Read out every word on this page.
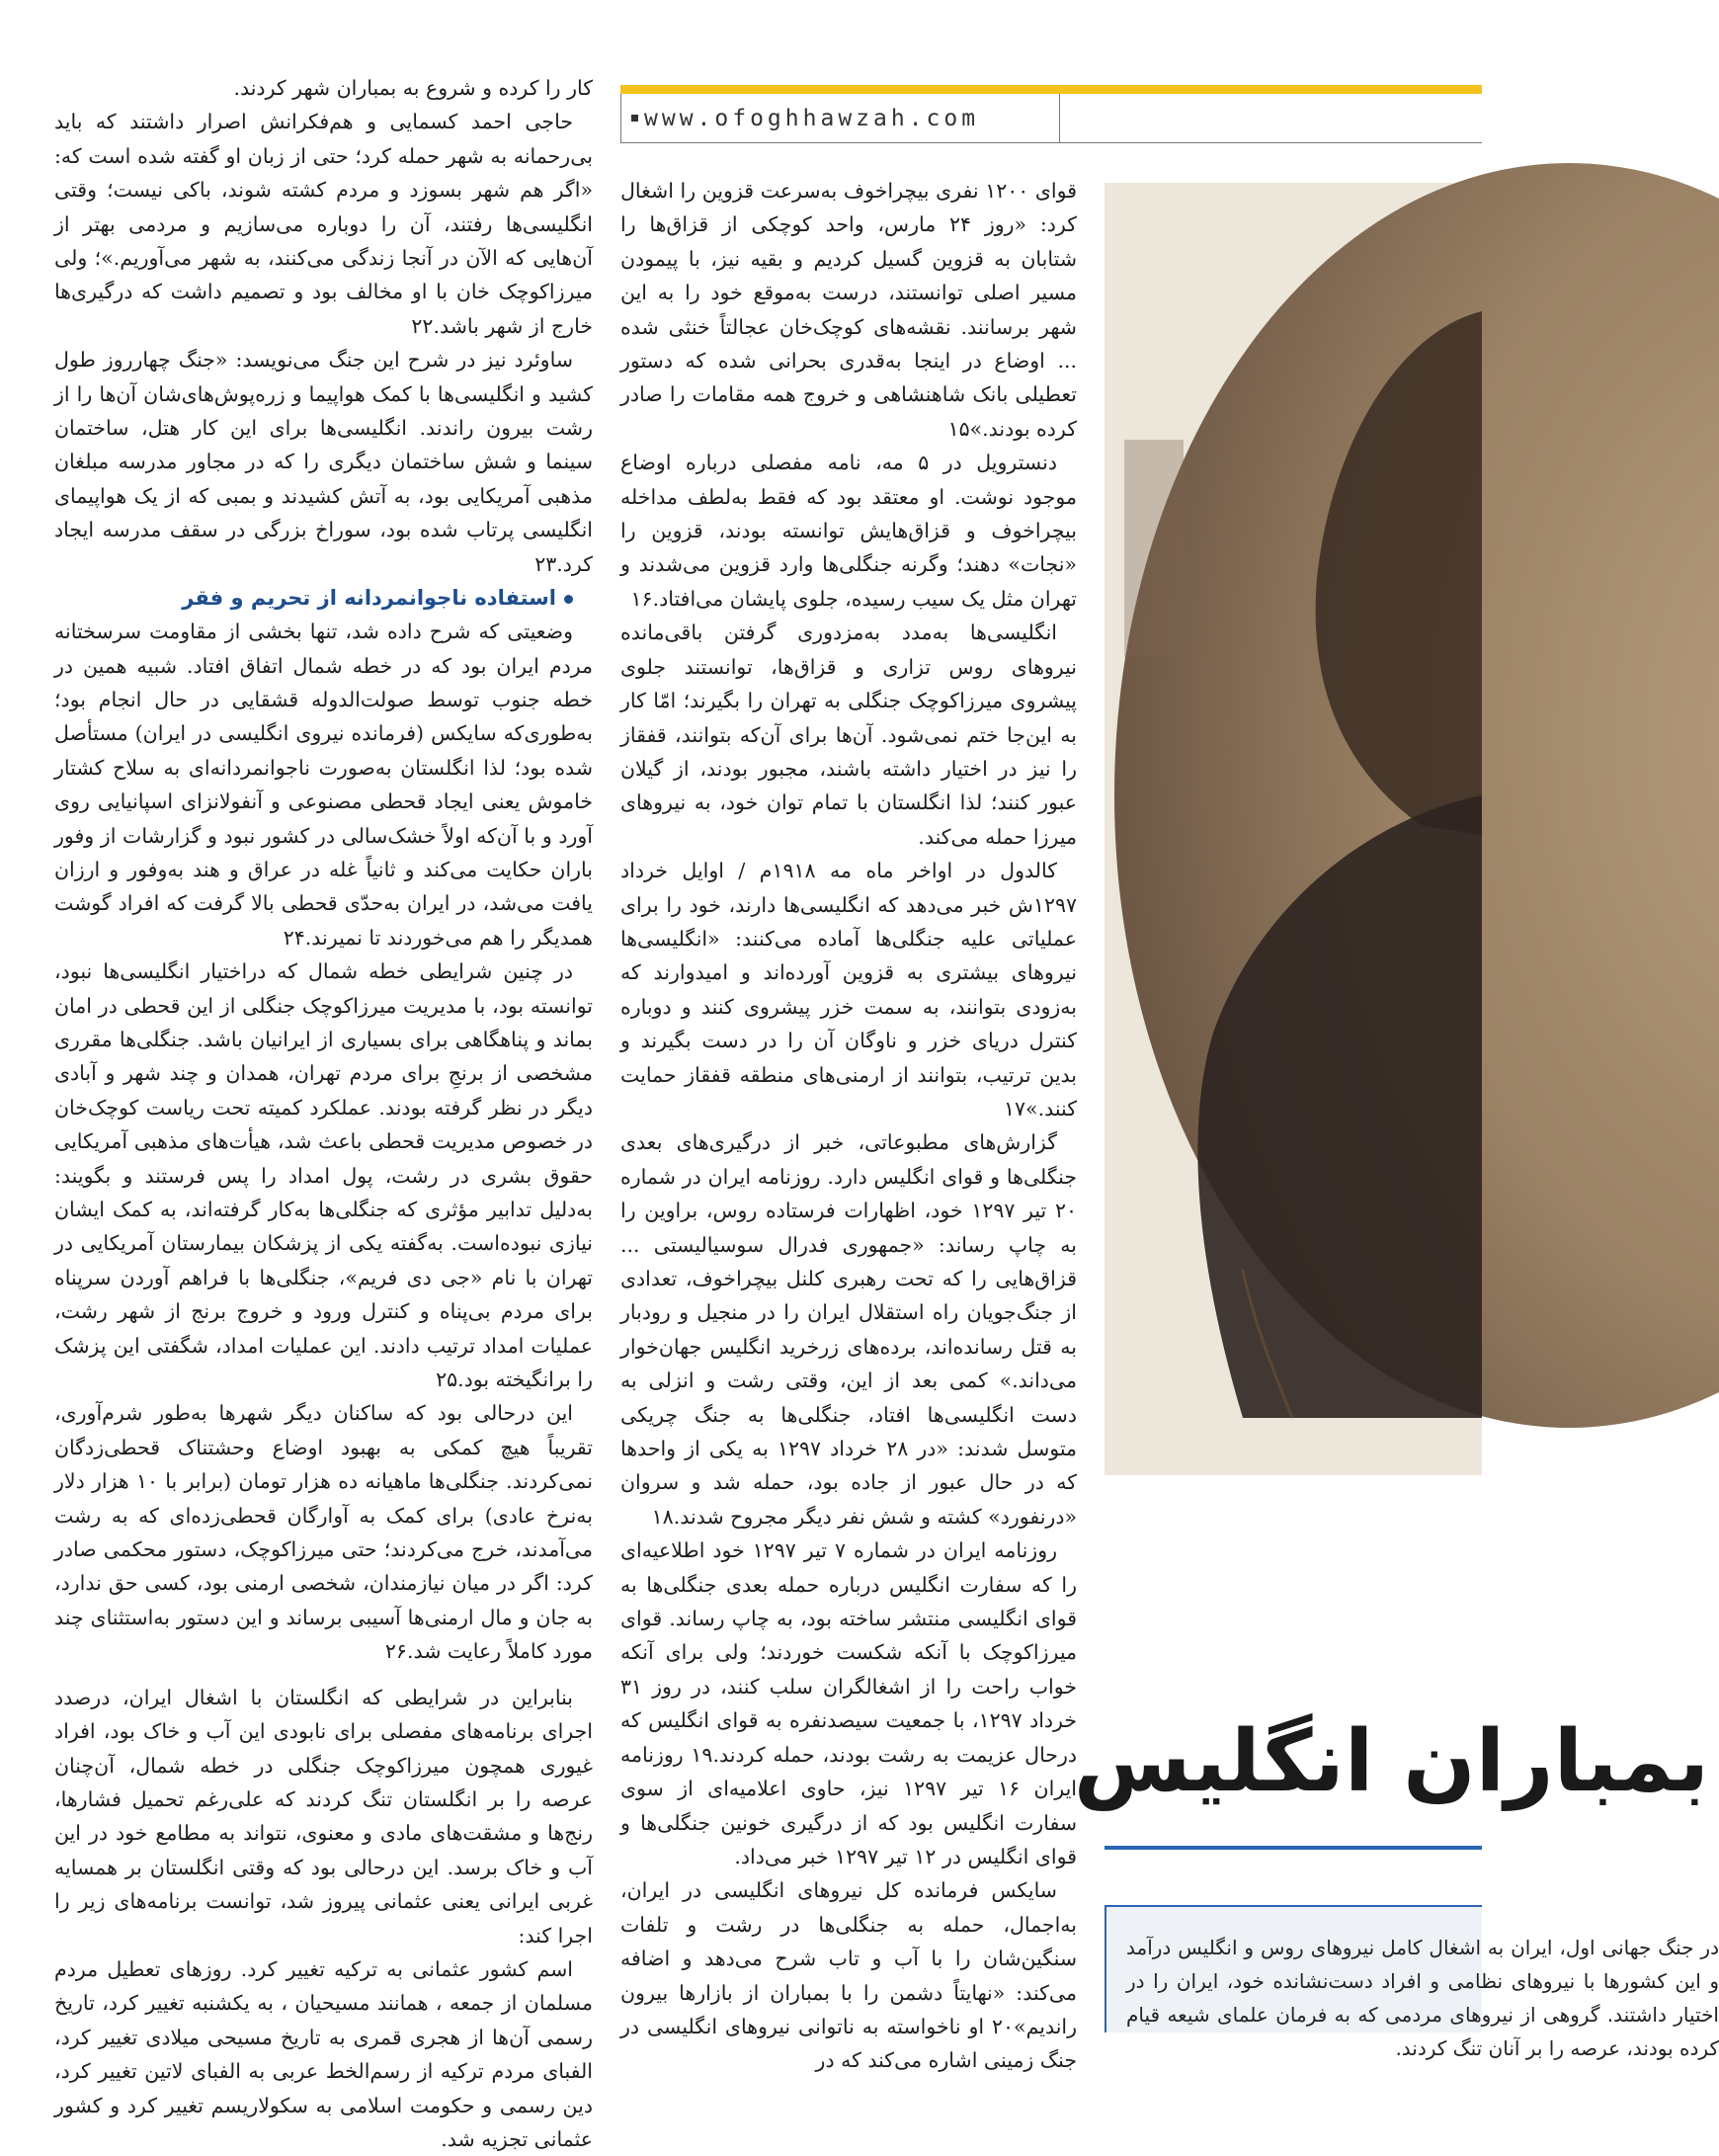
کار را کرده و شروع به بمباران شهر کردند.

حاجی احمد کسمایی و هم‌فکرانش اصرار داشتند که باید بی‌رحمانه به شهر حمله کرد؛ حتی از زبان او گفته شده است که: «اگر هم شهر بسوزد و مردم کشته شوند، باکی نیست؛ وقتی انگلیسی‌ها رفتند، آن را دوباره می‌سازیم و مردمی بهتر از آن‌هایی که الآن در آنجا زندگی می‌کنند، به شهر می‌آوریم.»؛ ولی میرزاکوچک خان با او مخالف بود و تصمیم داشت که درگیری‌ها خارج از شهر باشد.۲۲

ساوئرد نیز در شرح این جنگ می‌نویسد: «جنگ چهارروز طول کشید و انگلیسی‌ها با کمک هواپیما و زره‌پوش‌های‌شان آن‌ها را از رشت بیرون راندند. انگلیسی‌ها برای این کار هتل، ساختمان سینما و شش ساختمان دیگری را که در مجاور مدرسه مبلغان مذهبی آمریکایی بود، به آتش کشیدند و بمبی که از یک هواپیمای انگلیسی پرتاب شده بود، سوراخ بزرگی در سقف مدرسه ایجاد کرد.۲۳

استفاده ناجوانمردانه از تحریم و فقر

وضعیتی که شرح داده شد، تنها بخشی از مقاومت سرسختانه مردم ایران بود که در خطه شمال اتفاق افتاد. شبیه همین در خطه جنوب توسط صولت‌الدوله قشقایی در حال انجام بود؛ به‌طوری‌که سایکس (فرمانده نیروی انگلیسی در ایران) مستأصل شده بود؛ لذا انگلستان به‌صورت ناجوانمردانه‌ای به سلاح کشتار خاموش یعنی ایجاد قحطی مصنوعی و آنفولانزای اسپانیایی روی آورد و با آن‌که اولاً خشک‌سالی در کشور نبود و گزارشات از وفور باران حکایت می‌کند و ثانیاً غله در عراق و هند به‌وفور و ارزان یافت می‌شد، در ایران به‌حدّی قحطی بالا گرفت که افراد گوشت همدیگر را هم می‌خوردند تا نمیرند.۲۴

در چنین شرایطی خطه شمال که دراختیار انگلیسی‌ها نبود، توانسته بود، با مدیریت میرزاکوچک جنگلی از این قحطی در امان بماند و پناهگاهی برای بسیاری از ایرانیان باشد. جنگلی‌ها مقرری مشخصی از برنجِ برای مردم تهران، همدان و چند شهر و آبادی دیگر در نظر گرفته بودند. عملکرد کمیته تحت ریاست کوچک‌خان در خصوص مدیریت قحطی باعث شد، هیأت‌های مذهبی آمریکایی حقوق بشری در رشت، پول امداد را پس فرستند و بگویند: به‌دلیل تدابیر مؤثری که جنگلی‌ها به‌کار گرفته‌اند، به کمک ایشان نیازی نبوده‌است. به‌گفته یکی از پزشکان بیمارستان آمریکایی در تهران با نام «جی دی فریم»، جنگلی‌ها با فراهم آوردن سرپناه برای مردم بی‌پناه و کنترل ورود و خروج برنج از شهر رشت، عملیات امداد ترتیب دادند. این عملیات امداد، شگفتی این پزشک را برانگیخته بود.۲۵

این درحالی بود که ساکنان دیگر شهرها به‌طور شرم‌آوری، تقریباً هیچ کمکی به بهبود اوضاع وحشتناک قحطی‌زدگان نمی‌کردند. جنگلی‌ها ماهیانه ده هزار تومان (برابر با ۱۰ هزار دلار به‌نرخ عادی) برای کمک به آوارگان قحطی‌زده‌ای که به رشت می‌آمدند، خرج می‌کردند؛ حتی میرزاکوچک، دستور محکمی صادر کرد: اگر در میان نیازمندان، شخصی ارمنی بود، کسی حق ندارد، به جان و مال ارمنی‌ها آسیبی برساند و این دستور به‌استثنای چند مورد کاملاً رعایت شد.۲۶

بنابراین در شرایطی که انگلستان با اشغال ایران، درصدد اجرای برنامه‌های مفصلی برای نابودی این آب و خاک بود، افراد غیوری همچون میرزاکوچک جنگلی در خطه شمال، آن‌چنان عرصه را بر انگلستان تنگ کردند که علی‌رغم تحمیل فشارها، رنج‌ها و مشقت‌های مادی و معنوی، نتواند به مطامع خود در این آب و خاک برسد. این درحالی بود که وقتی انگلستان بر همسایه غربی ایرانی یعنی عثمانی پیروز شد، توانست برنامه‌های زیر را اجرا کند:

اسم کشور عثمانی به ترکیه تغییر کرد. روزهای تعطیل مردم مسلمان از جمعه ، همانند مسیحیان ، به یکشنبه تغییر کرد، تاریخ رسمی آن‌ها از هجری قمری به تاریخ مسیحی میلادی تغییر کرد، الفبای مردم ترکیه از رسم‌الخط عربی به الفبای لاتین تغییر کرد، دین رسمی و حکومت اسلامی به سکولاریسم تغییر کرد و کشور عثمانی تجزیه شد.

www.ofoghhawzah.com

قوای ۱۲۰۰ نفری بیچراخوف به‌سرعت قزوین را اشغال کرد: «روز ۲۴ مارس، واحد کوچکی از قزاق‌ها را شتابان به قزوین گسیل کردیم و بقیه نیز، با پیمودن مسیر اصلی توانستند، درست به‌موقع خود را به این شهر برسانند. نقشه‌های کوچک‌خان عجالتاً خنثی شده ... اوضاع در اینجا به‌قدری بحرانی شده که دستور تعطیلی بانک شاهنشاهی و خروج همه مقامات را صادر کرده بودند.»۱۵

دنسترویل در ۵ مه، نامه مفصلی درباره اوضاع موجود نوشت. او معتقد بود که فقط به‌لطف مداخله بیچراخوف و قزاق‌هایش توانسته بودند، قزوین را «نجات» دهند؛ وگرنه جنگلی‌ها وارد قزوین می‌شدند و تهران مثل یک سیب رسیده، جلوی پایشان می‌افتاد.۱۶

انگلیسی‌ها به‌مدد به‌مزدوری گرفتن باقی‌مانده نیروهای روس تزاری و قزاق‌ها، توانستند جلوی پیشروی میرزاکوچک جنگلی به تهران را بگیرند؛ امّا کار به این‌جا ختم نمی‌شود. آن‌ها برای آن‌که بتوانند، قفقاز را نیز در اختیار داشته باشند، مجبور بودند، از گیلان عبور کنند؛ لذا انگلستان با تمام توان خود، به نیروهای میرزا حمله می‌کند.

کالدول در اواخر ماه مه ۱۹۱۸م / اوایل خرداد ۱۲۹۷ش خبر می‌دهد که انگلیسی‌ها دارند، خود را برای عملیاتی علیه جنگلی‌ها آماده می‌کنند: «انگلیسی‌ها نیروهای بیشتری به قزوین آورده‌اند و امیدوارند که به‌زودی بتوانند، به سمت خزر پیشروی کنند و دوباره کنترل دریای خزر و ناوگان آن را در دست بگیرند و بدین ترتیب، بتوانند از ارمنی‌های منطقه قفقاز حمایت کنند.»۱۷

گزارش‌های مطبوعاتی، خبر از درگیری‌های بعدی جنگلی‌ها و قوای انگلیس دارد. روزنامه ایران در شماره ۲۰ تیر ۱۲۹۷ خود، اظهارات فرستاده روس، براوین را به چاپ رساند: «جمهوری فدرال سوسیالیستی ... قزاق‌هایی را که تحت رهبری کلنل بیچراخوف، تعدادی از جنگ‌جویان راه استقلال ایران را در منجیل و رودبار به قتل رسانده‌اند، برده‌های زرخرید انگلیس جهان‌خوار می‌داند.» کمی بعد از این، وقتی رشت و انزلی به دست انگلیسی‌ها افتاد، جنگلی‌ها به جنگ چریکی متوسل شدند: «در ۲۸ خرداد ۱۲۹۷ به یکی از واحدها که در حال عبور از جاده بود، حمله شد و سروان «درنفورد» کشته و شش نفر دیگر مجروح شدند.۱۸

روزنامه ایران در شماره ۷ تیر ۱۲۹۷ خود اطلاعیه‌ای را که سفارت انگلیس درباره حمله بعدی جنگلی‌ها به قوای انگلیسی منتشر ساخته بود، به چاپ رساند. قوای میرزاکوچک با آنکه شکست خوردند؛ ولی برای آنکه خواب راحت را از اشغالگران سلب کنند، در روز ۳۱ خرداد ۱۲۹۷، با جمعیت سیصدنفره به قوای انگلیس که درحال عزیمت به رشت بودند، حمله کردند.۱۹ روزنامه ایران ۱۶ تیر ۱۲۹۷ نیز، حاوی اعلامیه‌ای از سوی سفارت انگلیس بود که از درگیری خونین جنگلی‌ها و قوای انگلیس در ۱۲ تیر ۱۲۹۷ خبر می‌داد.

سایکس فرمانده کل نیروهای انگلیسی در ایران، به‌اجمال، حمله به جنگلی‌ها در رشت و تلفات سنگین‌شان را با آب و تاب شرح می‌دهد و اضافه می‌کند: «نهایتاً دشمن را با بمباران از بازارها بیرون راندیم»۲۰ او ناخواسته به ناتوانی نیروهای انگلیسی در جنگ زمینی اشاره می‌کند که در

بمباران انگلیس

در جنگ جهانی اول، ایران به اشغال کامل نیروهای روس و انگلیس درآمد و این کشورها با نیروهای نظامی و افراد دست‌نشانده خود، ایران را در اختیار داشتند. گروهی از نیروهای مردمی که به فرمان علمای شیعه قیام کرده بودند، عرصه را بر آنان تنگ کردند.
